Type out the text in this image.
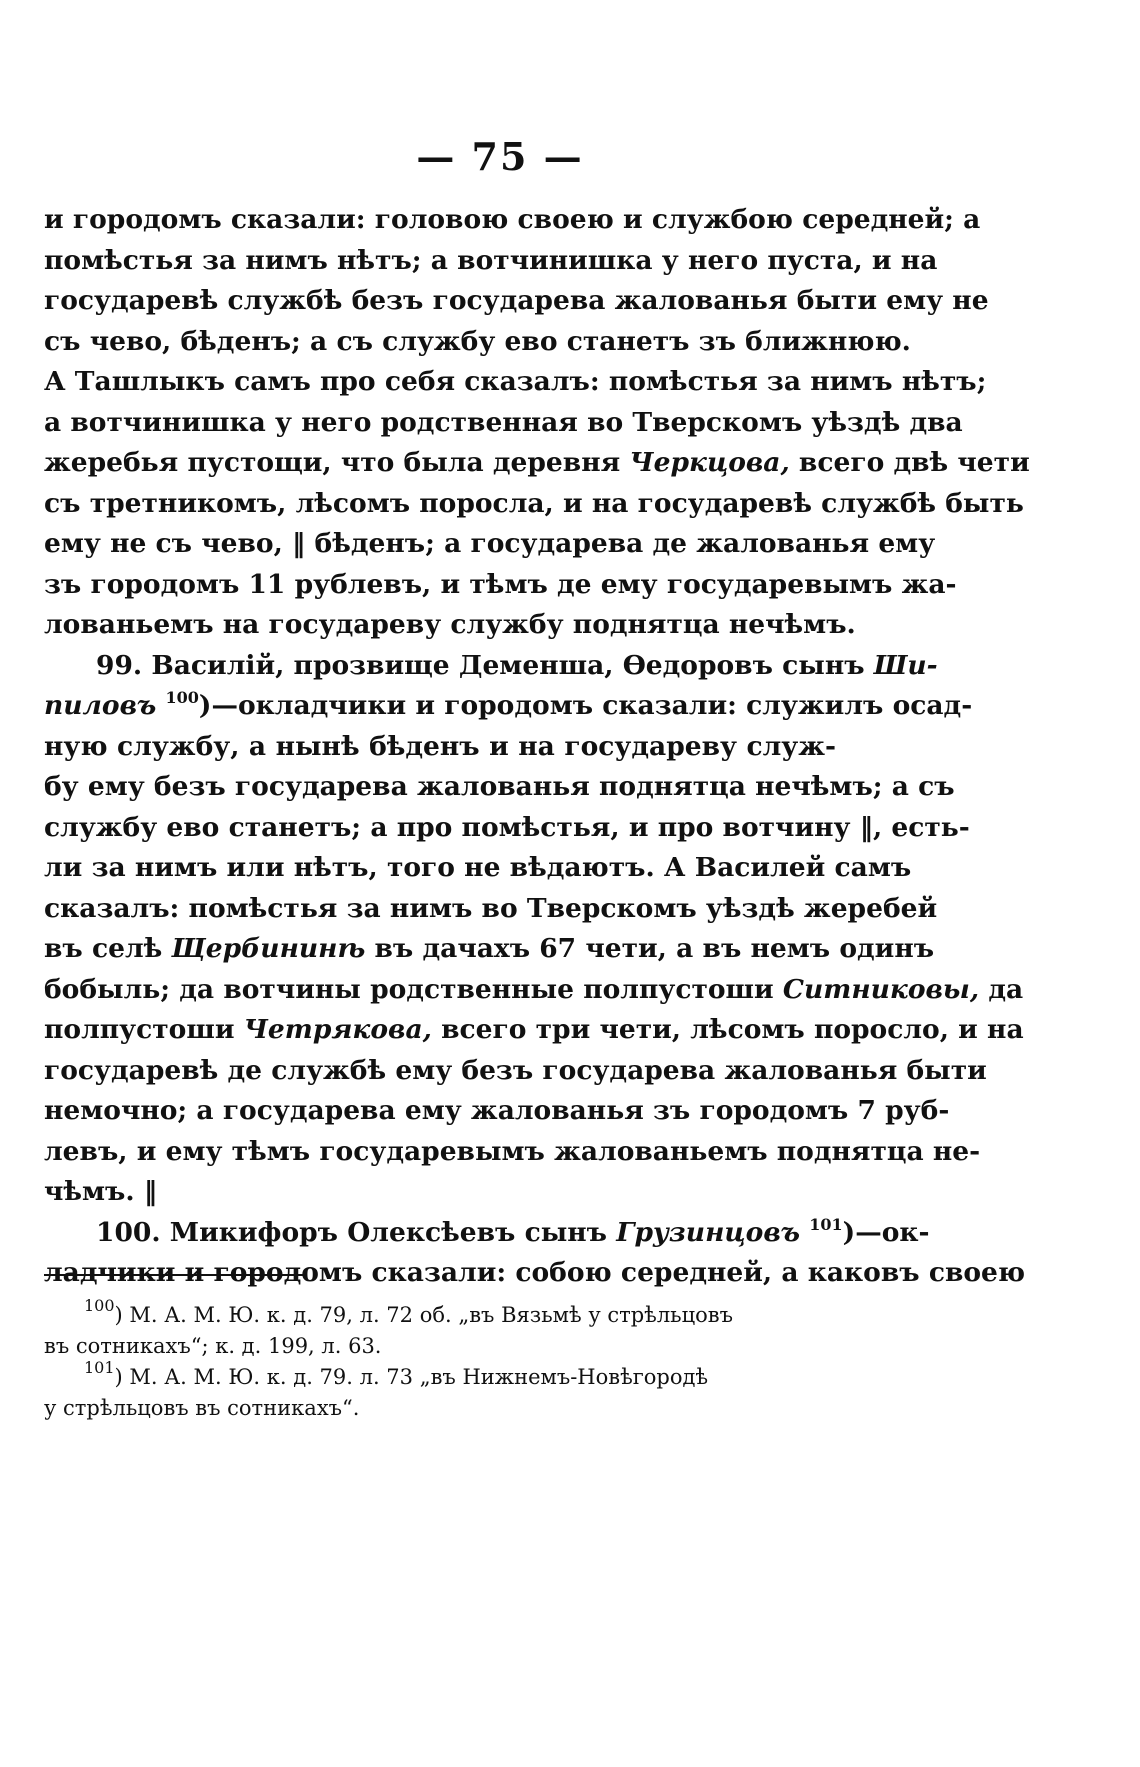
— 75 —
и городомъ сказали: головою своею и службою середней; а
помѣстья за нимъ нѣтъ; а вотчинишка у него пуста, и на
государевѣ службѣ безъ государева жалованья быти ему не
съ чево, бѣденъ; а съ службу ево станетъ зъ ближнюю.
А Ташлыкъ самъ про себя сказалъ: помѣстья за нимъ нѣтъ;
а вотчинишка у него родственная во Тверскомъ уѣздѣ два
жеребья пустощи, что была деревня Черкцова, всего двѣ чети
съ третникомъ, лѣсомъ поросла, и на государевѣ службѣ быть
ему не съ чево, ‖ бѣденъ; а государева де жалованья ему
зъ городомъ 11 рублевъ, и тѣмъ де ему государевымъ жа-
лованьемъ на государеву службу поднятца нечѣмъ.
99. Василiй, прозвище Деменша, Өедоровъ сынъ Ши-
пиловъ $^{100}$)—окладчики и городомъ сказали: служилъ осад-
ную службу, а нынѣ бѣденъ и на государеву служ-
бу ему безъ государева жалованья поднятца нечѣмъ; а съ
службу ево станетъ; а про помѣстья, и про вотчину ‖, есть-
ли за нимъ или нѣтъ, того не вѣдаютъ. А Василей самъ
сказалъ: помѣстья за нимъ во Тверскомъ уѣздѣ жеребей
въ селѣ Щербининѣ въ дачахъ 67 чети, а въ немъ одинъ
бобыль; да вотчины родственные полпустоши Ситниковы, да
полпустоши Четрякова, всего три чети, лѣсомъ поросло, и на
государевѣ де службѣ ему безъ государева жалованья быти
немочно; а государева ему жалованья зъ городомъ 7 руб-
левъ, и ему тѣмъ государевымъ жалованьемъ поднятца не-
чѣмъ. ‖
100. Микифоръ Олексѣевъ сынъ Грузинцовъ $^{101}$)—ок-
ладчики и городомъ сказали: собою середней, а каковъ своею
$^{100}$) М. А. М. Ю. к. д. 79, л. 72 об. „въ Вязьмѣ у стрѣльцовъ
въ сотникахъ“; к. д. 199, л. 63.
$^{101}$) М. А. М. Ю. к. д. 79. л. 73 „въ Нижнемъ-Новѣгородѣ
у стрѣльцовъ въ сотникахъ“.
